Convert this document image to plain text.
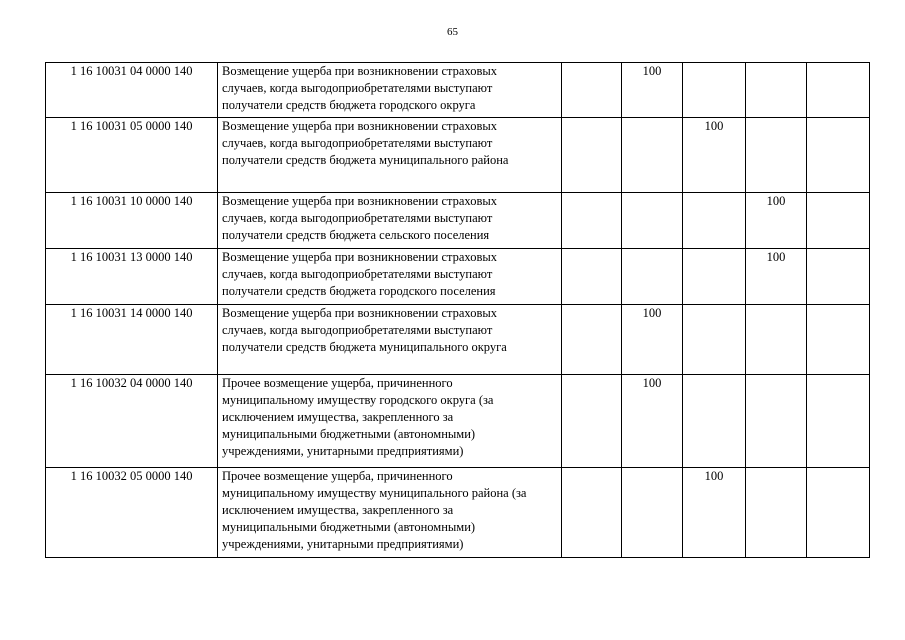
65
1 16 10031 04 0000 140	Возмещение ущерба при возникновении страховых
случаев, когда выгодоприобретателями выступают
получатели средств бюджета городского округа		100			
1 16 10031 05 0000 140	Возмещение ущерба при возникновении страховых
случаев, когда выгодоприобретателями выступают
получатели средств бюджета муниципального района			100		
1 16 10031 10 0000 140	Возмещение ущерба при возникновении страховых
случаев, когда выгодоприобретателями выступают
получатели средств бюджета сельского поселения				100	
1 16 10031 13 0000 140	Возмещение ущерба при возникновении страховых
случаев, когда выгодоприобретателями выступают
получатели средств бюджета городского поселения				100	
1 16 10031 14 0000 140	Возмещение ущерба при возникновении страховых
случаев, когда выгодоприобретателями выступают
получатели средств бюджета муниципального округа		100			
1 16 10032 04 0000 140	Прочее возмещение ущерба, причиненного
муниципальному имуществу городского округа (за
исключением имущества, закрепленного за
муниципальными бюджетными (автономными)
учреждениями, унитарными предприятиями)		100			
1 16 10032 05 0000 140	Прочее возмещение ущерба, причиненного
муниципальному имуществу муниципального района (за
исключением имущества, закрепленного за
муниципальными бюджетными (автономными)
учреждениями, унитарными предприятиями)			100		
